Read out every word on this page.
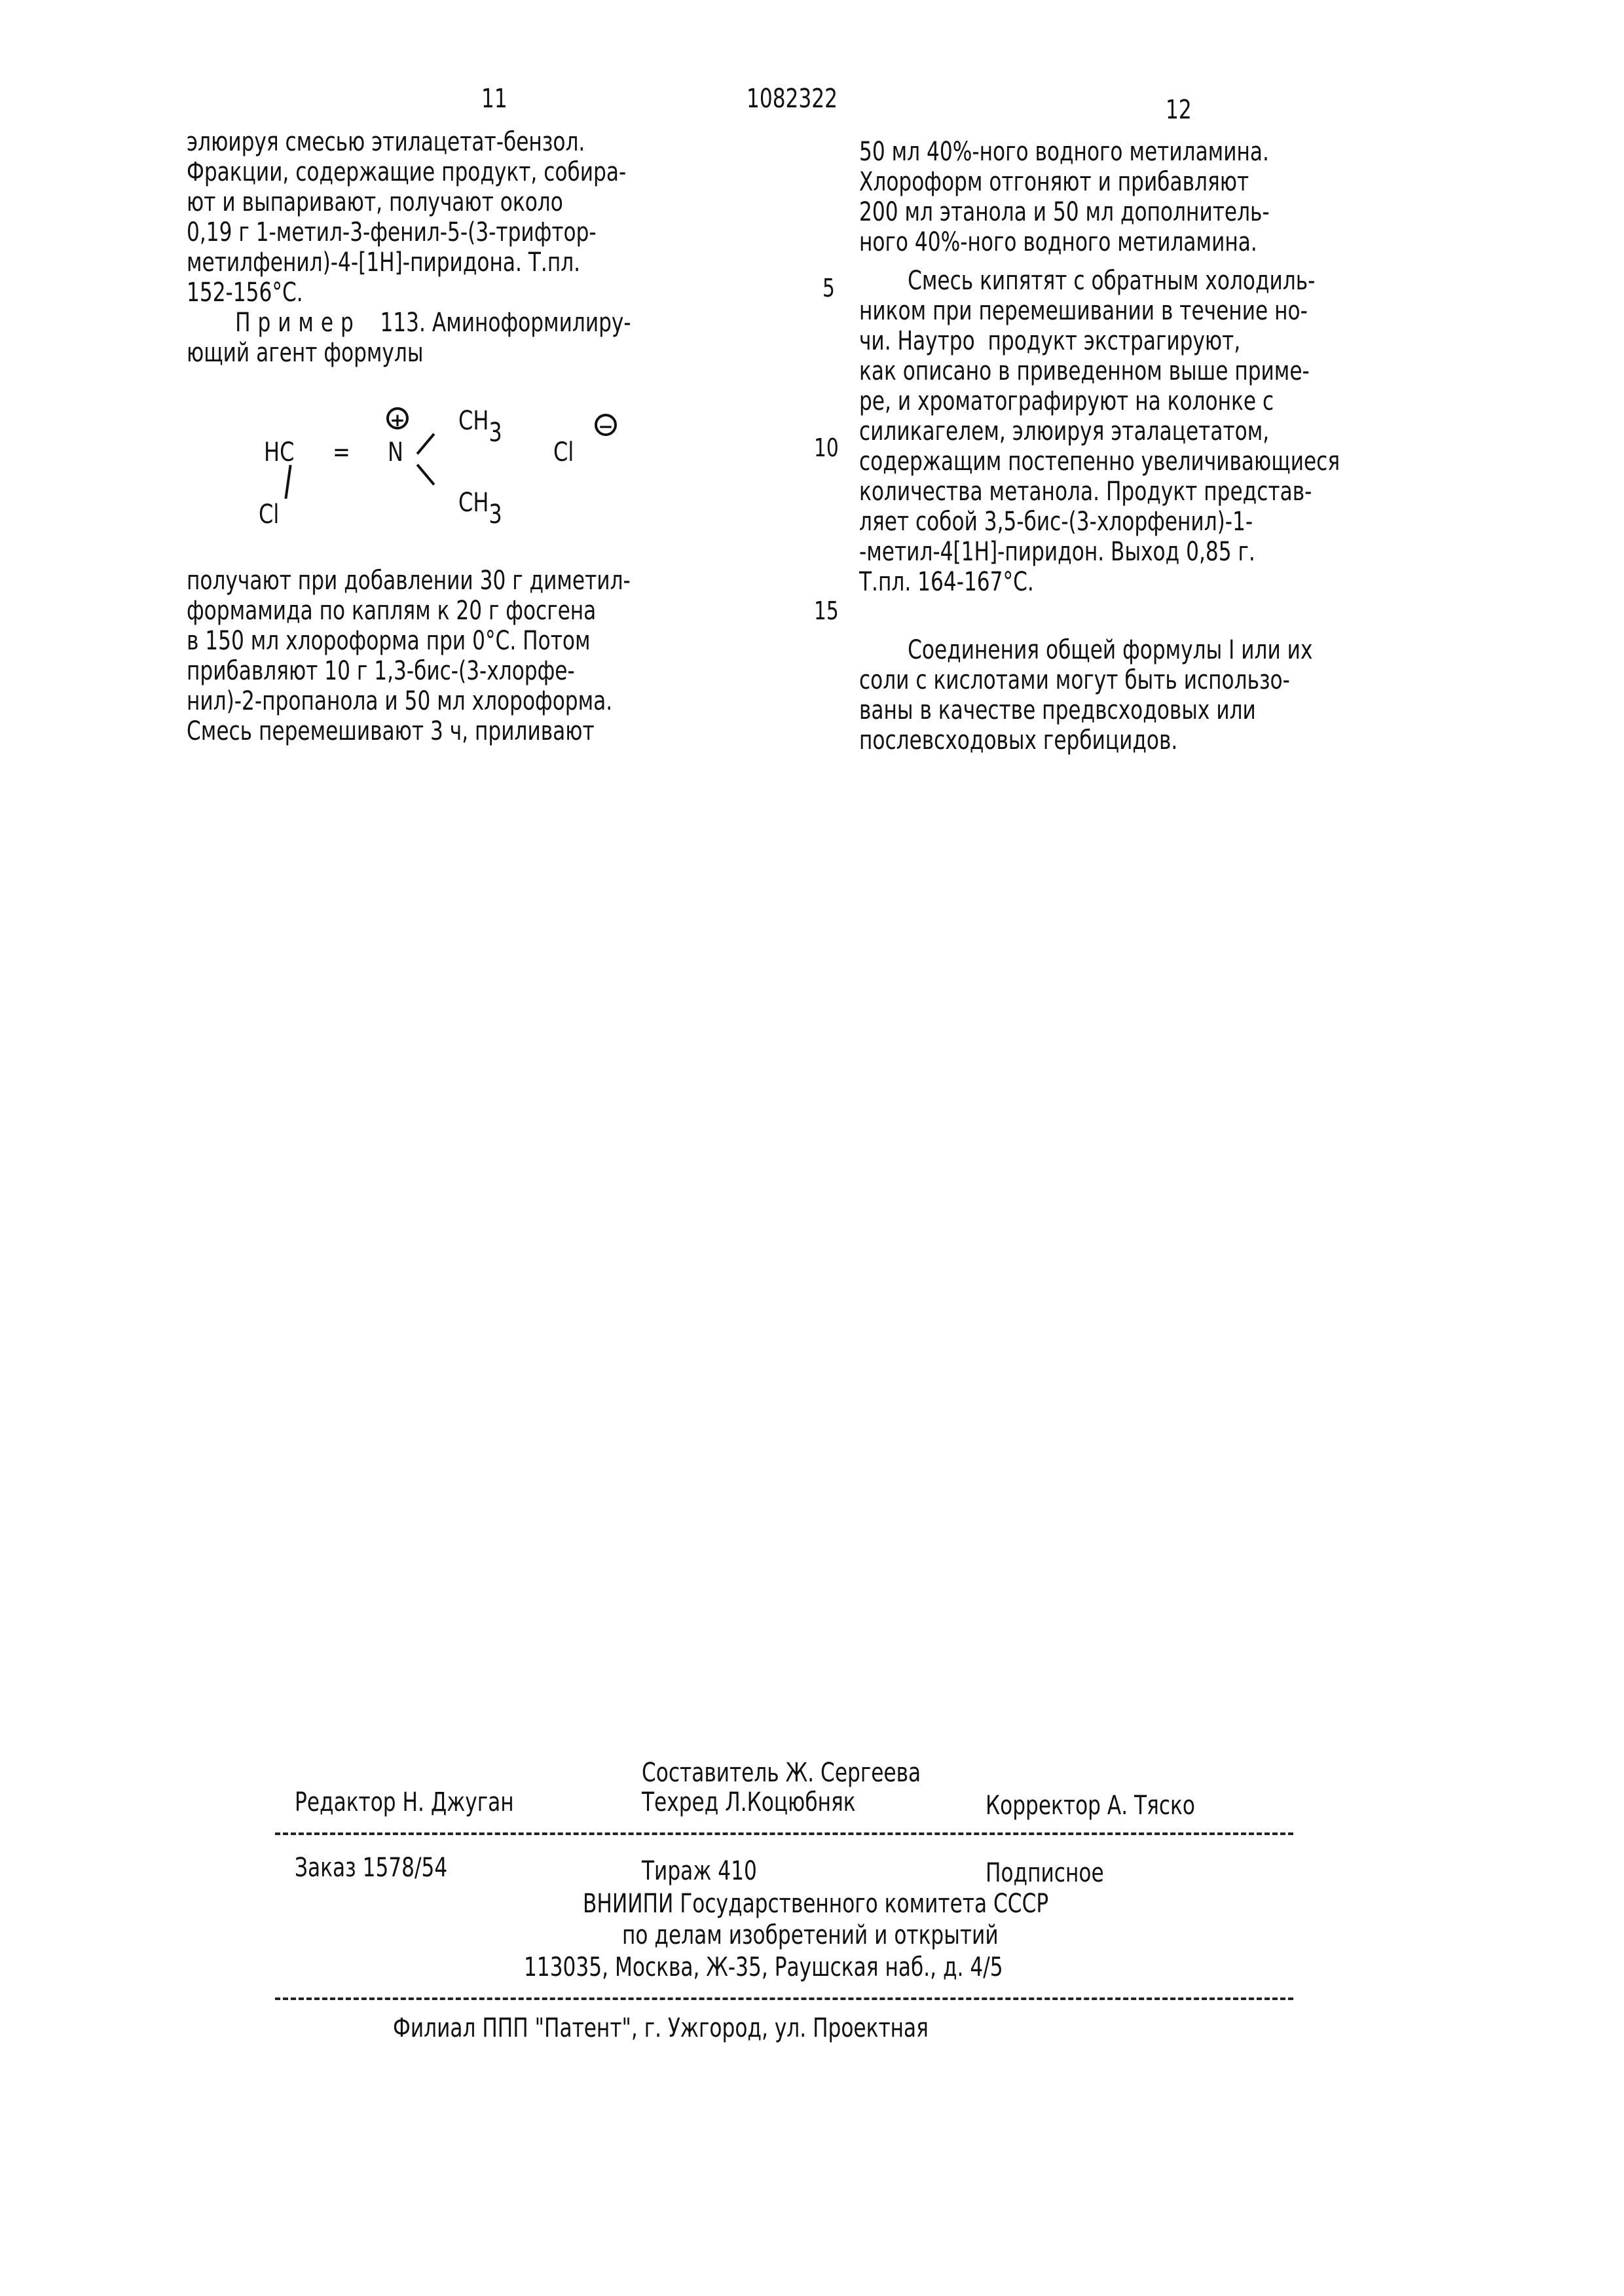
11	1082322	12
элюируя смесью этилацетат-бензол.
Фракции, содержащие продукт, собира-
ют и выпаривают, получают около
0,19 г 1-метил-3-фенил-5-(3-трифтор-
метилфенил)-4-[1H]-пиридона. Т.пл.
152-156°C.
Пример 113. Аминоформилиру-
ющий агент формулы
HC
Cl
= N
+ CH3
CH3
Cl
−
получают при добавлении 30 г диметил-
формамида по каплям к 20 г фосгена
в 150 мл хлороформа при 0°C. Потом
прибавляют 10 г 1,3-бис-(3-хлорфе-
нил)-2-пропанола и 50 мл хлороформа.
Смесь перемешивают 3 ч, приливают
5
10
15
50 мл 40%-ного водного метиламина.
Хлороформ отгоняют и прибавляют
200 мл этанола и 50 мл дополнитель-
ного 40%-ного водного метиламина.
Смесь кипятят с обратным холодиль-
ником при перемешивании в течение но-
чи. Наутро  продукт экстрагируют,
как описано в приведенном выше приме-
ре, и хроматографируют на колонке с
силикагелем, элюируя эталацетатом,
содержащим постепенно увеличивающиеся
количества метанола. Продукт представ-
ляет собой 3,5-бис-(3-хлорфенил)-1-
-метил-4[1H]-пиридон. Выход 0,85 г.
Т.пл. 164-167°C.
Соединения общей формулы I или их
соли с кислотами могут быть использо-
ваны в качестве предвсходовых или
послевсходовых гербицидов.
Составитель Ж. Сергеева
Редактор Н. Джуган	Техред Л.Коцюбняк	Корректор А. Тяско
Заказ 1578/54	Тираж 410	Подписное
ВНИИПИ Государственного комитета СССР
по делам изобретений и открытий
113035, Москва, Ж-35, Раушская наб., д. 4/5
Филиал ППП "Патент", г. Ужгород, ул. Проектная
